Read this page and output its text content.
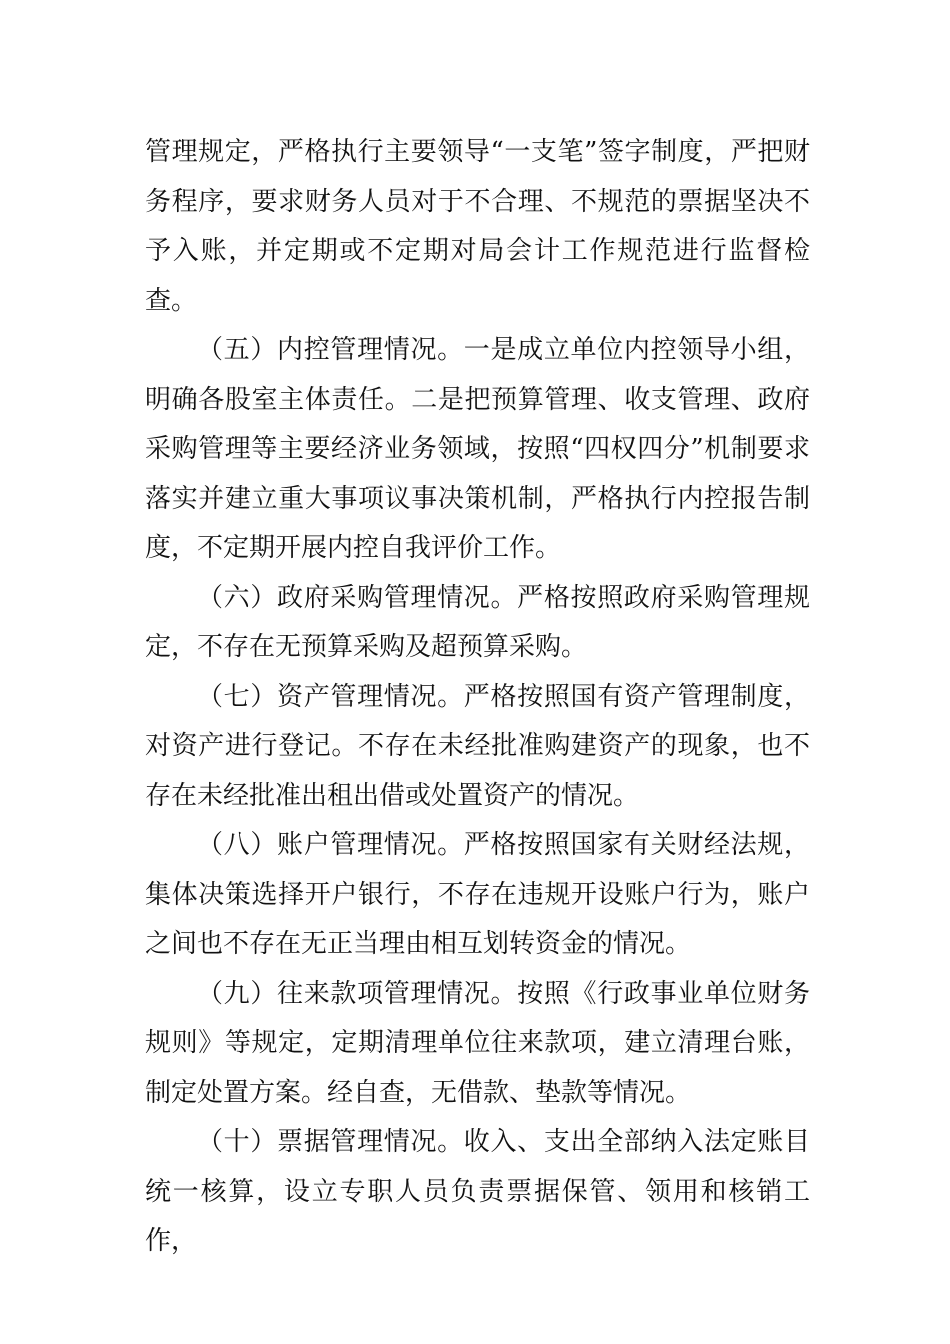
管理规定，严格执行主要领导“一支笔”签字制度，严把财务程序，要求财务人员对于不合理、不规范的票据坚决不予入账，并定期或不定期对局会计工作规范进行监督检查。

（五）内控管理情况。一是成立单位内控领导小组，明确各股室主体责任。二是把预算管理、收支管理、政府采购管理等主要经济业务领域，按照“四权四分”机制要求落实并建立重大事项议事决策机制，严格执行内控报告制度，不定期开展内控自我评价工作。

（六）政府采购管理情况。严格按照政府采购管理规定，不存在无预算采购及超预算采购。

（七）资产管理情况。严格按照国有资产管理制度，对资产进行登记。不存在未经批准购建资产的现象，也不存在未经批准出租出借或处置资产的情况。

（八）账户管理情况。严格按照国家有关财经法规，集体决策选择开户银行，不存在违规开设账户行为，账户之间也不存在无正当理由相互划转资金的情况。

（九）往来款项管理情况。按照《行政事业单位财务规则》等规定，定期清理单位往来款项，建立清理台账，制定处置方案。经自查，无借款、垫款等情况。

（十）票据管理情况。收入、支出全部纳入法定账目统一核算，设立专职人员负责票据保管、领用和核销工作，
